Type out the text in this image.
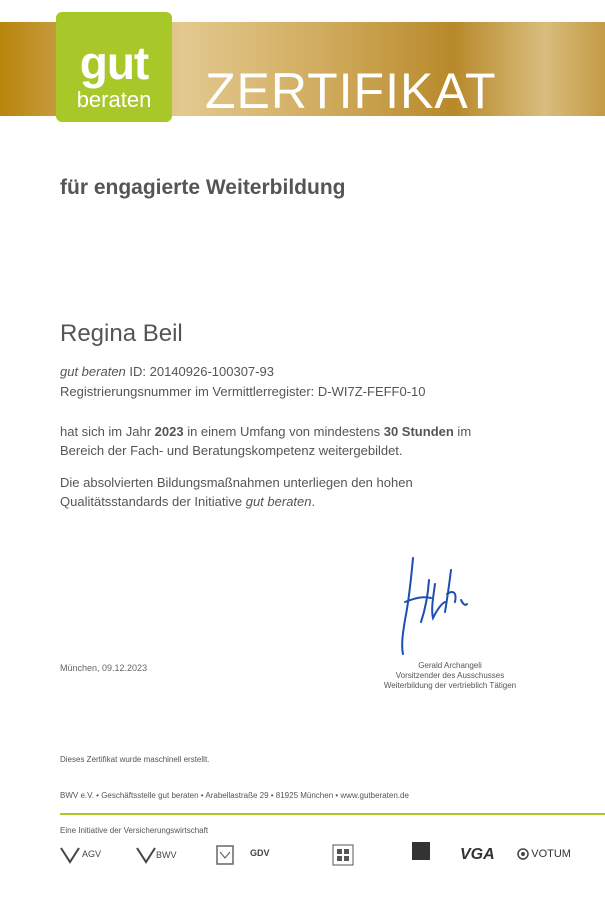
ZERTIFIKAT
gut
beraten
für engagierte Weiterbildung
Regina Beil
gut beraten ID: 20140926-100307-93
Registrierungsnummer im Vermittlerregister: D-WI7Z-FEFF0-10
hat sich im Jahr 2023 in einem Umfang von mindestens 30 Stunden im
Bereich der Fach- und Beratungskompetenz weitergebildet.
Die absolvierten Bildungsmaßnahmen unterliegen den hohen
Qualitätsstandards der Initiative gut beraten.
München, 09.12.2023	Gerald Archangeli
Vorsitzender des Ausschusses
Weiterbildung der vertrieblich Tätigen
Dieses Zertifikat wurde maschinell erstellt.
BWV e.V. • Geschäftsstelle gut beraten • Arabellastraße 29 • 81925 München • www.gutberaten.de
Eine Initiative der Versicherungswirtschaft
AGV	BWV	GDV	VGA	VOTUM
